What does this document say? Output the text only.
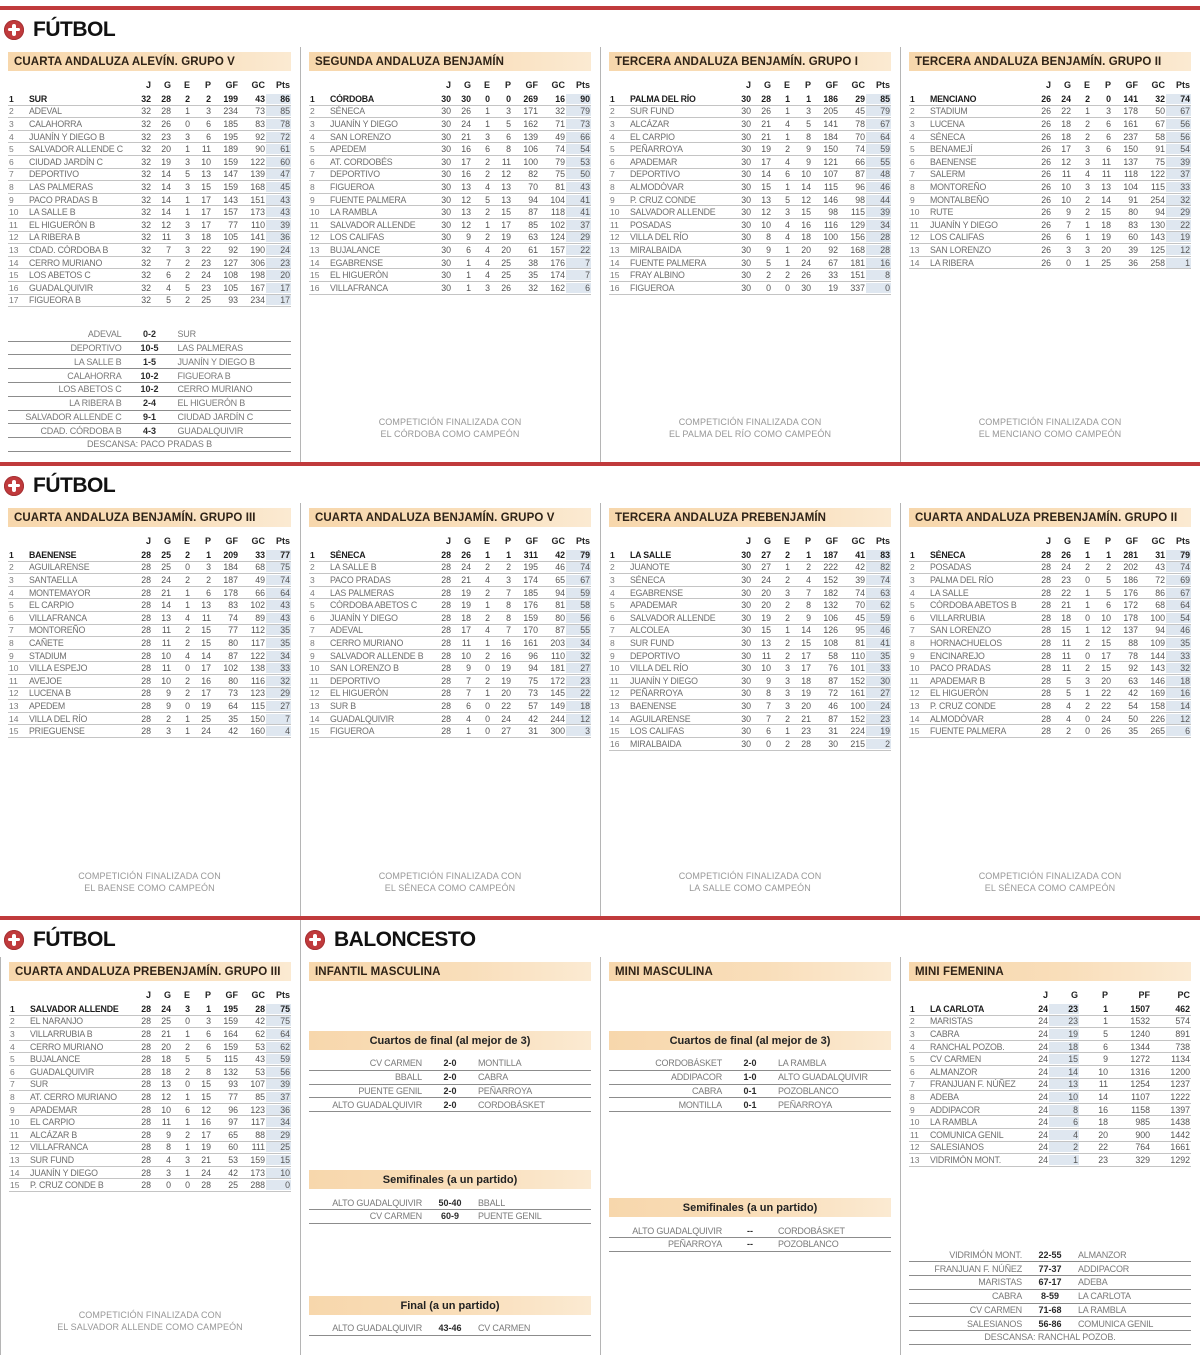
FÚTBOL
CUARTA ANDALUZA ALEVÍN. GRUPO V
J	G	E	P	GF	GC	Pts
1	SUR	32	28	2	2	199	43	86
2	ADEVAL	32	28	1	3	234	73	85
3	CALAHORRA	32	26	0	6	185	83	78
4	JUANÍN Y DIEGO B	32	23	3	6	195	92	72
5	SALVADOR ALLENDE C	32	20	1	11	189	90	61
6	CIUDAD JARDÍN C	32	19	3	10	159	122	60
7	DEPORTIVO	32	14	5	13	147	139	47
8	LAS PALMERAS	32	14	3	15	159	168	45
9	PACO PRADAS B	32	14	1	17	143	151	43
10	LA SALLE B	32	14	1	17	157	173	43
11	EL HIGUERÓN B	32	12	3	17	77	110	39
12	LA RIBERA B	32	11	3	18	105	141	36
13	CDAD. CÓRDOBA B	32	7	3	22	92	190	24
14	CERRO MURIANO	32	7	2	23	127	306	23
15	LOS ABETOS C	32	6	2	24	108	198	20
16	GUADALQUIVIR	32	4	5	23	105	167	17
17	FIGUEORA B	32	5	2	25	93	234	17
ADEVAL	0-2	SUR
DEPORTIVO	10-5	LAS PALMERAS
LA SALLE B	1-5	JUANÍN Y DIEGO B
CALAHORRA	10-2	FIGUEORA B
LOS ABETOS C	10-2	CERRO MURIANO
LA RIBERA B	2-4	EL HIGUERÓN B
SALVADOR ALLENDE C	9-1	CIUDAD JARDÍN C
CDAD. CÓRDOBA B	4-3	GUADALQUIVIR
DESCANSA: PACO PRADAS B
SEGUNDA ANDALUZA BENJAMÍN
J	G	E	P	GF	GC	Pts
1	CÓRDOBA	30	30	0	0	269	16	90
2	SÉNECA	30	26	1	3	171	32	79
3	JUANÍN Y DIEGO	30	24	1	5	162	71	73
4	SAN LORENZO	30	21	3	6	139	49	66
5	APEDEM	30	16	6	8	106	74	54
6	AT. CORDOBÉS	30	17	2	11	100	79	53
7	DEPORTIVO	30	16	2	12	82	75	50
8	FIGUEROA	30	13	4	13	70	81	43
9	FUENTE PALMERA	30	12	5	13	94	104	41
10	LA RAMBLA	30	13	2	15	87	118	41
11	SALVADOR ALLENDE	30	12	1	17	85	102	37
12	LOS CALIFAS	30	9	2	19	63	124	29
13	BUJALANCE	30	6	4	20	61	157	22
14	EGABRENSE	30	1	4	25	38	176	7
15	EL HIGUERÓN	30	1	4	25	35	174	7
16	VILLAFRANCA	30	1	3	26	32	162	6
COMPETICIÓN FINALIZADA CON
EL CÓRDOBA COMO CAMPEÓN
TERCERA ANDALUZA BENJAMÍN. GRUPO I
J	G	E	P	GF	GC	Pts
1	PALMA DEL RÍO	30	28	1	1	186	29	85
2	SUR FUND	30	26	1	3	205	45	79
3	ALCÁZAR	30	21	4	5	141	78	67
4	EL CARPIO	30	21	1	8	184	70	64
5	PEÑARROYA	30	19	2	9	150	74	59
6	APADEMAR	30	17	4	9	121	66	55
7	DEPORTIVO	30	14	6	10	107	87	48
8	ALMODÓVAR	30	15	1	14	115	96	46
9	P. CRUZ CONDE	30	13	5	12	146	98	44
10	SALVADOR ALLENDE	30	12	3	15	98	115	39
11	POSADAS	30	10	4	16	116	129	34
12	VILLA DEL RÍO	30	8	4	18	100	156	28
13	MIRALBAIDA	30	9	1	20	92	168	28
14	FUENTE PALMERA	30	5	1	24	67	181	16
15	FRAY ALBINO	30	2	2	26	33	151	8
16	FIGUEROA	30	0	0	30	19	337	0
COMPETICIÓN FINALIZADA CON
EL PALMA DEL RÍO COMO CAMPEÓN
TERCERA ANDALUZA BENJAMÍN. GRUPO II
J	G	E	P	GF	GC	Pts
1	MENCIANO	26	24	2	0	141	32	74
2	STADIUM	26	22	1	3	178	50	67
3	LUCENA	26	18	2	6	161	67	56
4	SÉNECA	26	18	2	6	237	58	56
5	BENAMEJÍ	26	17	3	6	150	91	54
6	BAENENSE	26	12	3	11	137	75	39
7	SALERM	26	11	4	11	118	122	37
8	MONTOREÑO	26	10	3	13	104	115	33
9	MONTALBEÑO	26	10	2	14	91	254	32
10	RUTE	26	9	2	15	80	94	29
11	JUANÍN Y DIEGO	26	7	1	18	83	130	22
12	LOS CALIFAS	26	6	1	19	60	143	19
13	SAN LORENZO	26	3	3	20	39	125	12
14	LA RIBERA	26	0	1	25	36	258	1
COMPETICIÓN FINALIZADA CON
EL MENCIANO COMO CAMPEÓN
FÚTBOL
CUARTA ANDALUZA BENJAMÍN. GRUPO III
J	G	E	P	GF	GC	Pts
1	BAENENSE	28	25	2	1	209	33	77
2	AGUILARENSE	28	25	0	3	184	68	75
3	SANTAELLA	28	24	2	2	187	49	74
4	MONTEMAYOR	28	21	1	6	178	66	64
5	EL CARPIO	28	14	1	13	83	102	43
6	VILLAFRANCA	28	13	4	11	74	89	43
7	MONTOREÑO	28	11	2	15	77	112	35
8	CAÑETE	28	11	2	15	80	117	35
9	STADIUM	28	10	4	14	87	122	34
10	VILLA ESPEJO	28	11	0	17	102	138	33
11	AVEJOE	28	10	2	16	80	116	32
12	LUCENA B	28	9	2	17	73	123	29
13	APEDEM	28	9	0	19	64	115	27
14	VILLA DEL RÍO	28	2	1	25	35	150	7
15	PRIEGUENSE	28	3	1	24	42	160	4
COMPETICIÓN FINALIZADA CON
EL BAENSE COMO CAMPEÓN
CUARTA ANDALUZA BENJAMÍN. GRUPO V
J	G	E	P	GF	GC	Pts
1	SÉNECA	28	26	1	1	311	42	79
2	LA SALLE B	28	24	2	2	195	46	74
3	PACO PRADAS	28	21	4	3	174	65	67
4	LAS PALMERAS	28	19	2	7	185	94	59
5	CÓRDOBA ABETOS C	28	19	1	8	176	81	58
6	JUANÍN Y DIEGO	28	18	2	8	159	80	56
7	ADEVAL	28	17	4	7	170	87	55
8	CERRO MURIANO	28	11	1	16	161	203	34
9	SALVADOR ALLENDE B	28	10	2	16	96	110	32
10	SAN LORENZO B	28	9	0	19	94	181	27
11	DEPORTIVO	28	7	2	19	75	172	23
12	EL HIGUERÓN	28	7	1	20	73	145	22
13	SUR B	28	6	0	22	57	149	18
14	GUADALQUIVIR	28	4	0	24	42	244	12
15	FIGUEROA	28	1	0	27	31	300	3
COMPETICIÓN FINALIZADA CON
EL SÉNECA COMO CAMPEÓN
TERCERA ANDALUZA PREBENJAMÍN
J	G	E	P	GF	GC	Pts
1	LA SALLE	30	27	2	1	187	41	83
2	JUANOTE	30	27	1	2	222	42	82
3	SÉNECA	30	24	2	4	152	39	74
4	EGABRENSE	30	20	3	7	182	74	63
5	APADEMAR	30	20	2	8	132	70	62
6	SALVADOR ALLENDE	30	19	2	9	106	45	59
7	ALCOLEA	30	15	1	14	126	95	46
8	SUR FUND	30	13	2	15	108	81	41
9	DEPORTIVO	30	11	2	17	58	110	35
10	VILLA DEL RÍO	30	10	3	17	76	101	33
11	JUANÍN Y DIEGO	30	9	3	18	87	152	30
12	PEÑARROYA	30	8	3	19	72	161	27
13	BAENENSE	30	7	3	20	46	100	24
14	AGUILARENSE	30	7	2	21	87	152	23
15	LOS CALIFAS	30	6	1	23	31	224	19
16	MIRALBAIDA	30	0	2	28	30	215	2
COMPETICIÓN FINALIZADA CON
LA SALLE COMO CAMPEÓN
CUARTA ANDALUZA PREBENJAMÍN. GRUPO II
J	G	E	P	GF	GC	Pts
1	SÉNECA	28	26	1	1	281	31	79
2	POSADAS	28	24	2	2	202	43	74
3	PALMA DEL RÍO	28	23	0	5	186	72	69
4	LA SALLE	28	22	1	5	176	86	67
5	CÓRDOBA ABETOS B	28	21	1	6	172	68	64
6	VILLARRUBIA	28	18	0	10	178	100	54
7	SAN LORENZO	28	15	1	12	137	94	46
8	HORNACHUELOS	28	11	2	15	88	109	35
9	ENCINAREJO	28	11	0	17	78	144	33
10	PACO PRADAS	28	11	2	15	92	143	32
11	APADEMAR B	28	5	3	20	63	146	18
12	EL HIGUERÓN	28	5	1	22	42	169	16
13	P. CRUZ CONDE	28	4	2	22	54	158	14
14	ALMODÓVAR	28	4	0	24	50	226	12
15	FUENTE PALMERA	28	2	0	26	35	265	6
COMPETICIÓN FINALIZADA CON
EL SÉNECA COMO CAMPEÓN
FÚTBOL	BALONCESTO
CUARTA ANDALUZA PREBENJAMÍN. GRUPO III
J	G	E	P	GF	GC	Pts
1	SALVADOR ALLENDE	28	24	3	1	195	28	75
2	EL NARANJO	28	25	0	3	159	42	75
3	VILLARRUBIA B	28	21	1	6	164	62	64
4	CERRO MURIANO	28	20	2	6	159	53	62
5	BUJALANCE	28	18	5	5	115	43	59
6	GUADALQUIVIR	28	18	2	8	132	53	56
7	SUR	28	13	0	15	93	107	39
8	AT. CERRO MURIANO	28	12	1	15	77	85	37
9	APADEMAR	28	10	6	12	96	123	36
10	EL CARPIO	28	11	1	16	97	117	34
11	ALCÁZAR B	28	9	2	17	65	88	29
12	VILLAFRANCA	28	8	1	19	60	111	25
13	SUR FUND	28	4	3	21	53	159	15
14	JUANÍN Y DIEGO	28	3	1	24	42	173	10
15	P. CRUZ CONDE B	28	0	0	28	25	288	0
COMPETICIÓN FINALIZADA CON
EL SALVADOR ALLENDE COMO CAMPEÓN
INFANTIL MASCULINA
Cuartos de final (al mejor de 3)
CV CARMEN	2-0	MONTILLA
BBALL	2-0	CABRA
PUENTE GENIL	2-0	PEÑARROYA
ALTO GUADALQUIVIR	2-0	CORDOBÁSKET
Semifinales (a un partido)
ALTO GUADALQUIVIR	50-40	BBALL
CV CARMEN	60-9	PUENTE GENIL
Final (a un partido)
ALTO GUADALQUIVIR	43-46	CV CARMEN
MINI MASCULINA
Cuartos de final (al mejor de 3)
CORDOBÁSKET	2-0	LA RAMBLA
ADDIPACOR	1-0	ALTO GUADALQUIVIR
CABRA	0-1	POZOBLANCO
MONTILLA	0-1	PEÑARROYA
Semifinales (a un partido)
ALTO GUADALQUIVIR	--	CORDOBÁSKET
PEÑARROYA	--	POZOBLANCO
MINI FEMENINA
J	G	P	PF	PC
1	LA CARLOTA	24	23	1	1507	462
2	MARISTAS	24	23	1	1532	574
3	CABRA	24	19	5	1240	891
4	RANCHAL POZOB.	24	18	6	1344	738
5	CV CARMEN	24	15	9	1272	1134
6	ALMANZOR	24	14	10	1316	1200
7	FRANJUAN F. NÚÑEZ	24	13	11	1254	1237
8	ADEBA	24	10	14	1107	1222
9	ADDIPACOR	24	8	16	1158	1397
10	LA RAMBLA	24	6	18	985	1438
11	COMUNICA GENIL	24	4	20	900	1442
12	SALESIANOS	24	2	22	764	1661
13	VIDRIMÓN MONT.	24	1	23	329	1292
VIDRIMÓN MONT.	22-55	ALMANZOR
FRANJUAN F. NÚÑEZ	77-37	ADDIPACOR
MARISTAS	67-17	ADEBA
CABRA	8-59	LA CARLOTA
CV CARMEN	71-68	LA RAMBLA
SALESIANOS	56-86	COMUNICA GENIL
DESCANSA: RANCHAL POZOB.
